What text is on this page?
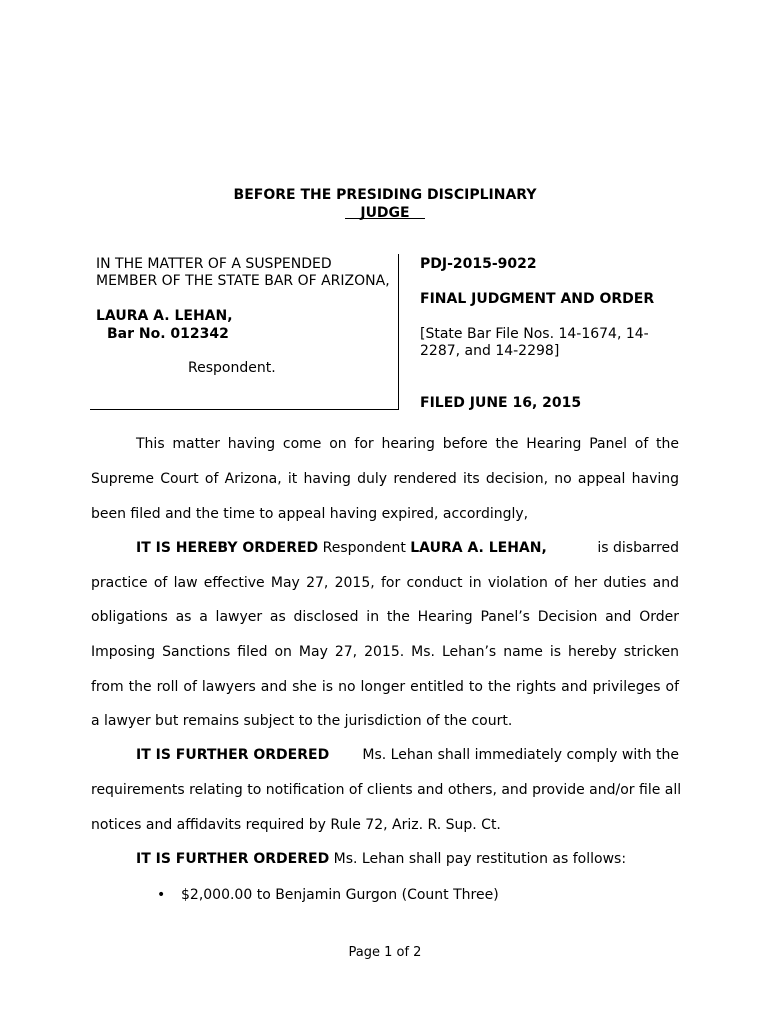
BEFORE THE PRESIDING DISCIPLINARY
JUDGE
IN THE MATTER OF A SUSPENDED
MEMBER OF THE STATE BAR OF ARIZONA,
LAURA A. LEHAN,
Bar No. 012342
Respondent.
PDJ-2015-9022
FINAL JUDGMENT AND ORDER
[State Bar File Nos. 14-1674, 14-
2287, and 14-2298]
FILED JUNE 16, 2015
This matter having come on for hearing before the Hearing Panel of the
Supreme Court of Arizona, it having duly rendered its decision, no appeal having
been filed and the time to appeal having expired, accordingly,
IT IS HEREBY ORDERED Respondent LAURA A. LEHAN,	is disbarred
practice of law effective May 27, 2015, for conduct in violation of her duties and
obligations as a lawyer as disclosed in the Hearing Panel’s Decision and Order
Imposing Sanctions filed on May 27, 2015. Ms. Lehan’s name is hereby stricken
from the roll of lawyers and she is no longer entitled to the rights and privileges of
a lawyer but remains subject to the jurisdiction of the court.
IT IS FURTHER ORDERED Ms. Lehan shall immediately comply with the
requirements relating to notification of clients and others, and provide and/or file all
notices and affidavits required by Rule 72, Ariz. R. Sup. Ct.
IT IS FURTHER ORDERED Ms. Lehan shall pay restitution as follows:
• $2,000.00 to Benjamin Gurgon (Count Three)
Page 1 of 2
